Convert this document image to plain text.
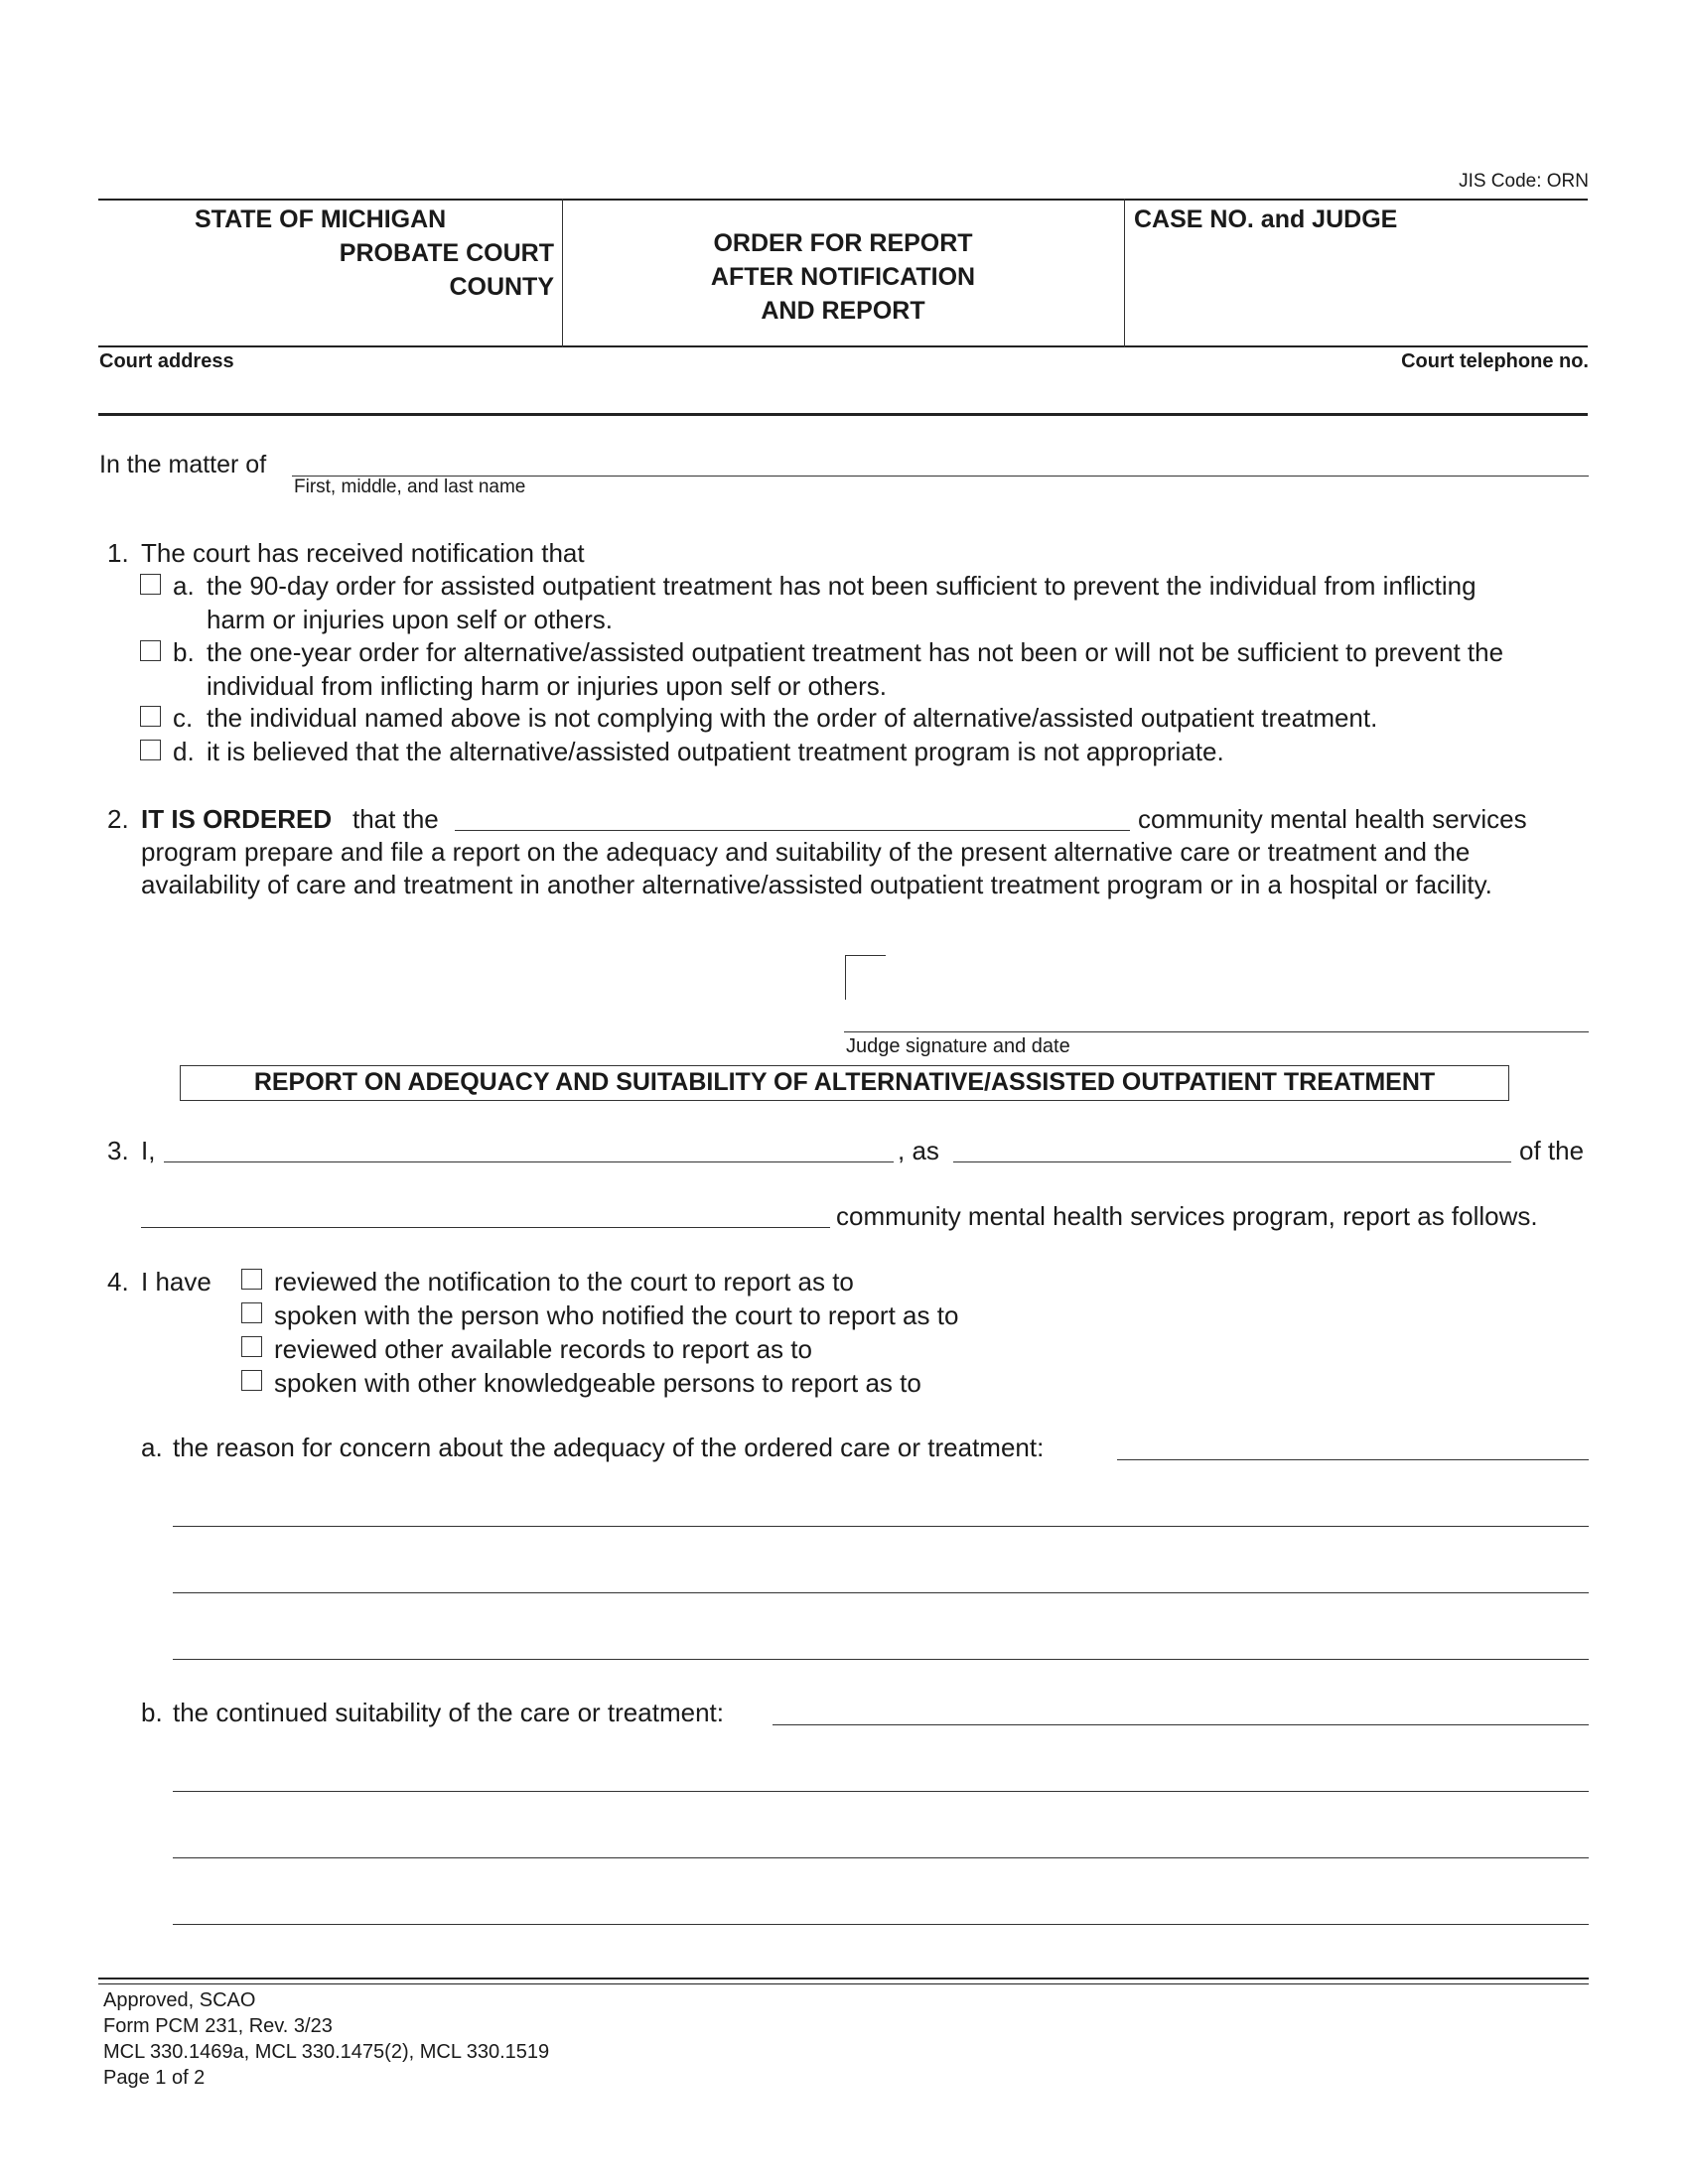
JIS Code: ORN
STATE OF MICHIGAN
PROBATE COURT
COUNTY
ORDER FOR REPORT
AFTER NOTIFICATION
AND REPORT
CASE NO. and JUDGE
Court address	Court telephone no.
In the matter of
First, middle, and last name
1. The court has received notification that
a. the 90-day order for assisted outpatient treatment has not been sufficient to prevent the individual from inflicting
harm or injuries upon self or others.
b. the one-year order for alternative/assisted outpatient treatment has not been or will not be sufficient to prevent the
individual from inflicting harm or injuries upon self or others.
c. the individual named above is not complying with the order of alternative/assisted outpatient treatment.
d. it is believed that the alternative/assisted outpatient treatment program is not appropriate.
2. IT IS ORDERED that the	community mental health services
program prepare and file a report on the adequacy and suitability of the present alternative care or treatment and the
availability of care and treatment in another alternative/assisted outpatient treatment program or in a hospital or facility.
Judge signature and date
REPORT ON ADEQUACY AND SUITABILITY OF ALTERNATIVE/ASSISTED OUTPATIENT TREATMENT
3. I,	, as	of the
community mental health services program, report as follows.
4. I have reviewed the notification to the court to report as to
spoken with the person who notified the court to report as to
reviewed other available records to report as to
spoken with other knowledgeable persons to report as to
a. the reason for concern about the adequacy of the ordered care or treatment:
b. the continued suitability of the care or treatment:
Approved, SCAO
Form PCM 231, Rev. 3/23
MCL 330.1469a, MCL 330.1475(2), MCL 330.1519
Page 1 of 2
